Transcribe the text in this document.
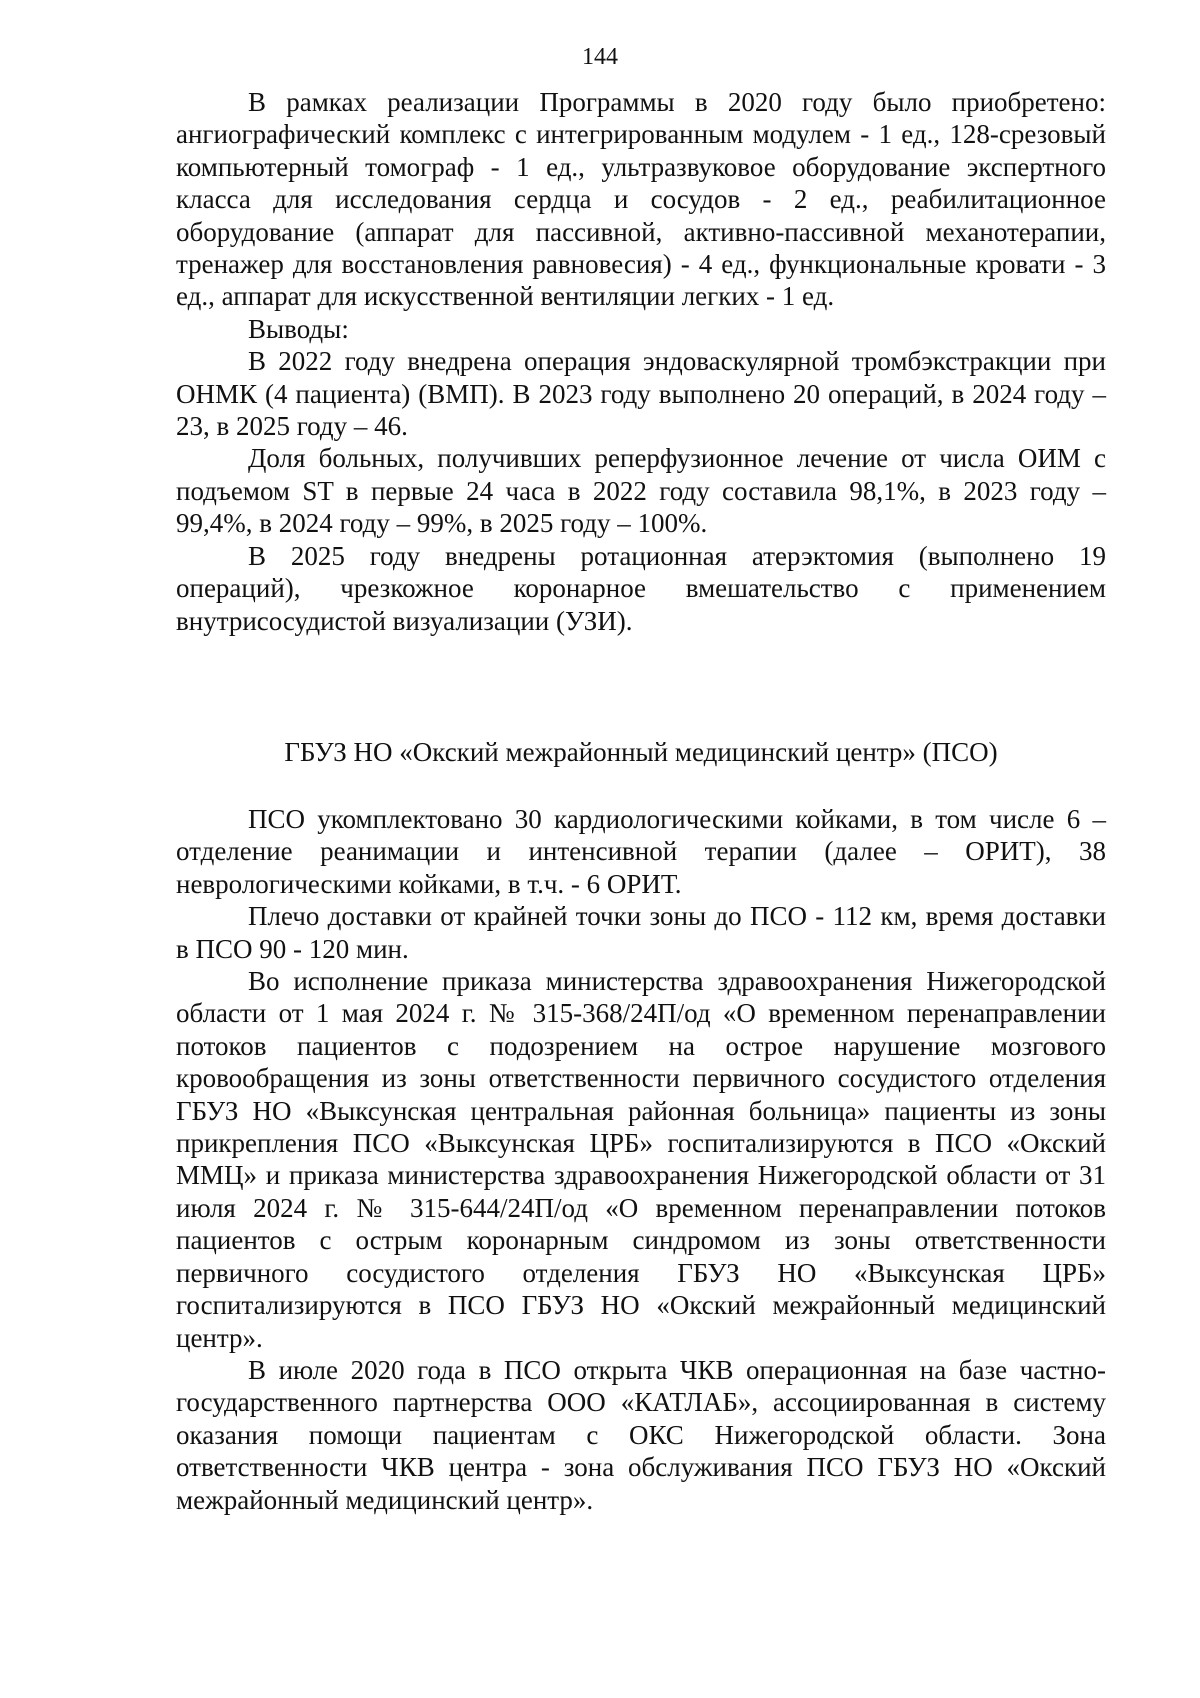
144

В рамках реализации Программы в 2020 году было приобретено: ангиографический комплекс с интегрированным модулем - 1 ед., 128-срезовый компьютерный томограф - 1 ед., ультразвуковое оборудование экспертного класса для исследования сердца и сосудов - 2 ед., реабилитационное оборудование (аппарат для пассивной, активно-пассивной механотерапии, тренажер для восстановления равновесия) - 4 ед., функциональные кровати - 3 ед., аппарат для искусственной вентиляции легких - 1 ед.

Выводы:

В 2022 году внедрена операция эндоваскулярной тромбэкстракции при ОНМК (4 пациента) (ВМП). В 2023 году выполнено 20 операций, в 2024 году – 23, в 2025 году – 46.

Доля больных, получивших реперфузионное лечение от числа ОИМ с подъемом ST в первые 24 часа в 2022 году составила 98,1%, в 2023 году – 99,4%, в 2024 году – 99%, в 2025 году – 100%.

В 2025 году внедрены ротационная атерэктомия (выполнено 19 операций), чрезкожное коронарное вмешательство с применением внутрисосудистой визуализации (УЗИ).

ГБУЗ НО «Окский межрайонный медицинский центр» (ПСО)

ПСО укомплектовано 30 кардиологическими койками, в том числе 6 – отделение реанимации и интенсивной терапии (далее – ОРИТ), 38 неврологическими койками, в т.ч. - 6 ОРИТ.

Плечо доставки от крайней точки зоны до ПСО - 112 км, время доставки в ПСО 90 - 120 мин.

Во исполнение приказа министерства здравоохранения Нижегородской области от 1 мая 2024 г. № 315-368/24П/од «О временном перенаправлении потоков пациентов с подозрением на острое нарушение мозгового кровообращения из зоны ответственности первичного сосудистого отделения ГБУЗ НО «Выксунская центральная районная больница» пациенты из зоны прикрепления ПСО «Выксунская ЦРБ» госпитализируются в ПСО «Окский ММЦ» и приказа министерства здравоохранения Нижегородской области от 31 июля 2024 г. № 315-644/24П/од «О временном перенаправлении потоков пациентов с острым коронарным синдромом из зоны ответственности первичного сосудистого отделения ГБУЗ НО «Выксунская ЦРБ» госпитализируются в ПСО ГБУЗ НО «Окский межрайонный медицинский центр».

В июле 2020 года в ПСО открыта ЧКВ операционная на базе частно-государственного партнерства ООО «КАТЛАБ», ассоциированная в систему оказания помощи пациентам с ОКС Нижегородской области. Зона ответственности ЧКВ центра - зона обслуживания ПСО ГБУЗ НО «Окский межрайонный медицинский центр».
